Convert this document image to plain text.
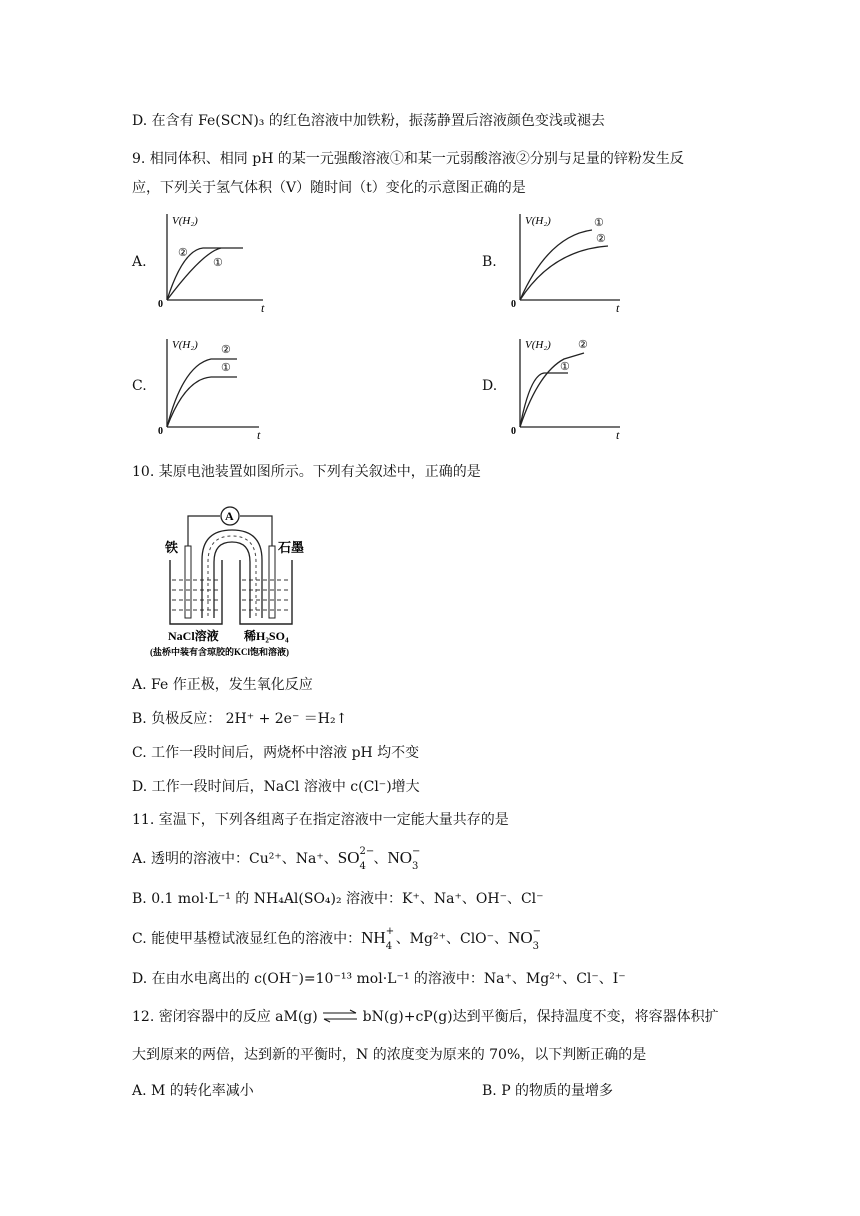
D. 在含有 Fe(SCN)₃ 的红色溶液中加铁粉，振荡静置后溶液颜色变浅或褪去
9. 相同体积、相同 pH 的某一元强酸溶液①和某一元弱酸溶液②分别与足量的锌粉发生反
应，下列关于氢气体积（V）随时间（t）变化的示意图正确的是
A.	B.
C.	D.
V(H₂)
t
0
②
①
V(H₂)
t
0
①
②
V(H₂)
t
0
②
①
V(H₂)
t
0
②
①
10. 某原电池装置如图所示。下列有关叙述中，正确的是
A
铁	石墨
NaCl溶液 稀H₂SO₄
(盐桥中装有含琼胶的KCl饱和溶液)
A. Fe 作正极，发生氧化反应
B. 负极反应： 2H⁺ + 2e⁻ ＝H₂↑
C. 工作一段时间后，两烧杯中溶液 pH 均不变
D. 工作一段时间后，NaCl 溶液中 c(Cl⁻)增大
11. 室温下，下列各组离子在指定溶液中一定能大量共存的是
A. 透明的溶液中：Cu²⁺、Na⁺、SO 2−
4 、NO −
3
B. 0.1 mol·L⁻¹ 的 NH₄Al(SO₄)₂ 溶液中：K⁺、Na⁺、OH⁻、Cl⁻
C. 能使甲基橙试液显红色的溶液中：NH +
4 、Mg²⁺、ClO⁻、NO −
3
D. 在由水电离出的 c(OH⁻)=10⁻¹³ mol·L⁻¹ 的溶液中：Na⁺、Mg²⁺、Cl⁻、I⁻
12. 密闭容器中的反应 aM(g) ⇌ bN(g)+cP(g)达到平衡后，保持温度不变，将容器体积扩
大到原来的两倍，达到新的平衡时，N 的浓度变为原来的 70%，以下判断正确的是
A. M 的转化率减小	B. P 的物质的量增多
